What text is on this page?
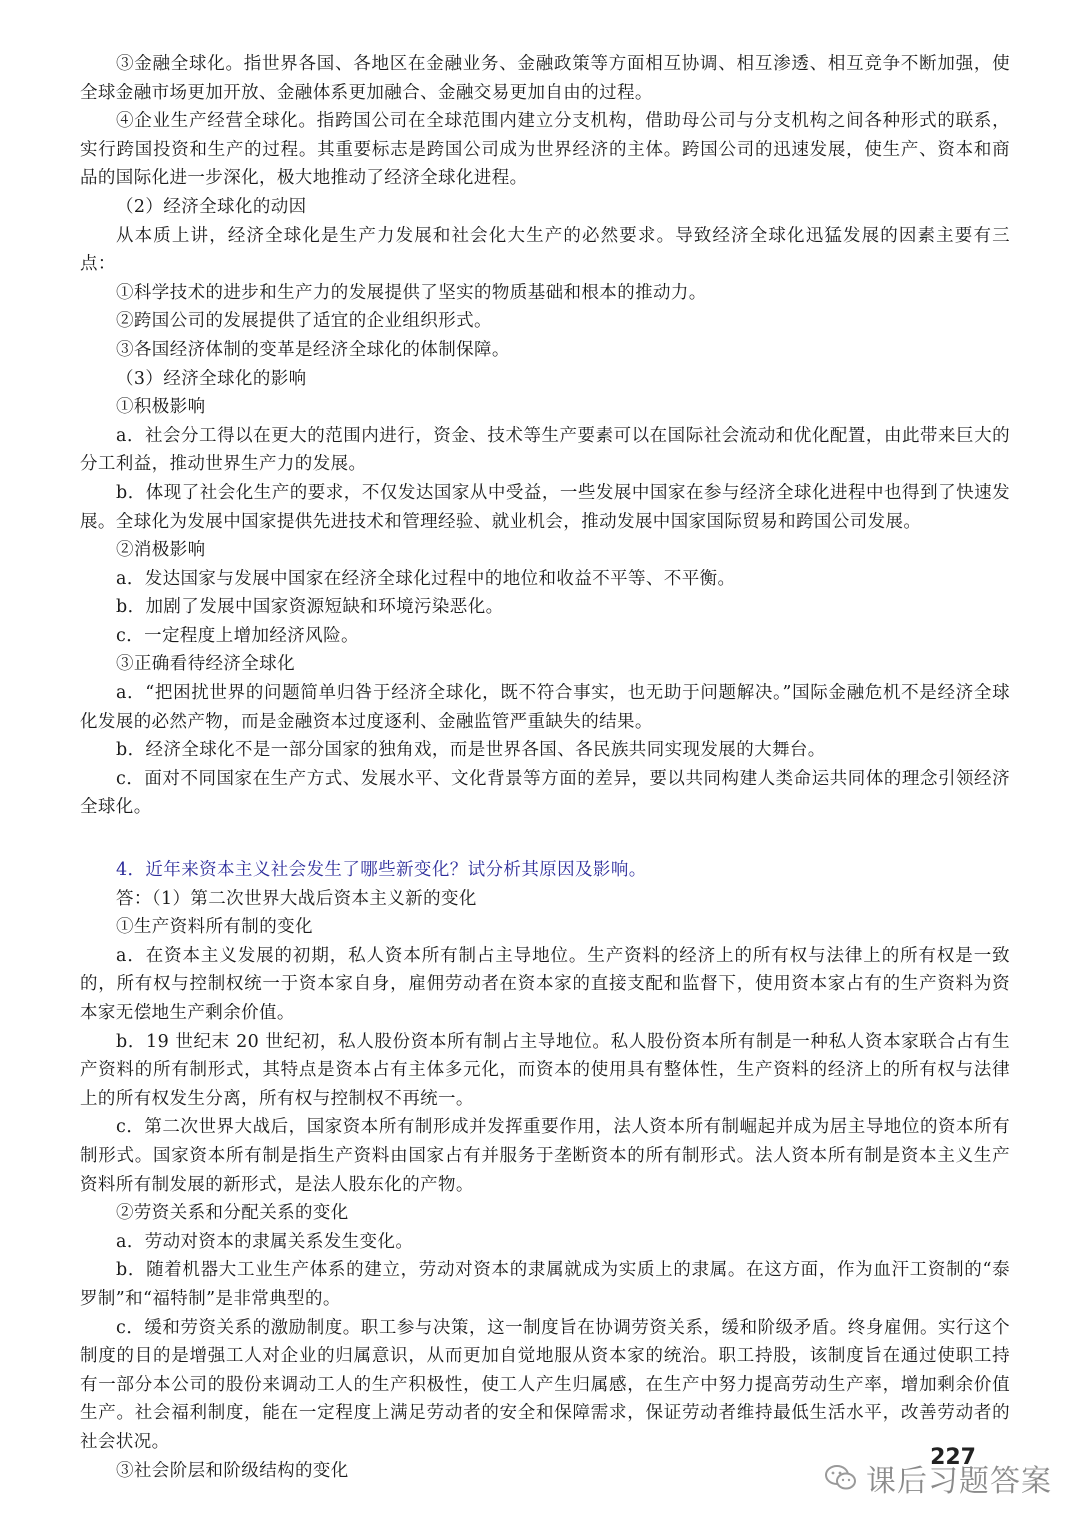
③金融全球化。指世界各国、各地区在金融业务、金融政策等方面相互协调、相互渗透、相互竞争不断加强，使全球金融市场更加开放、金融体系更加融合、金融交易更加自由的过程。

④企业生产经营全球化。指跨国公司在全球范围内建立分支机构，借助母公司与分支机构之间各种形式的联系，实行跨国投资和生产的过程。其重要标志是跨国公司成为世界经济的主体。跨国公司的迅速发展，使生产、资本和商品的国际化进一步深化，极大地推动了经济全球化进程。

（2）经济全球化的动因

从本质上讲，经济全球化是生产力发展和社会化大生产的必然要求。导致经济全球化迅猛发展的因素主要有三点：

①科学技术的进步和生产力的发展提供了坚实的物质基础和根本的推动力。

②跨国公司的发展提供了适宜的企业组织形式。

③各国经济体制的变革是经济全球化的体制保障。

（3）经济全球化的影响

①积极影响

a．社会分工得以在更大的范围内进行，资金、技术等生产要素可以在国际社会流动和优化配置，由此带来巨大的分工利益，推动世界生产力的发展。

b．体现了社会化生产的要求，不仅发达国家从中受益，一些发展中国家在参与经济全球化进程中也得到了快速发展。全球化为发展中国家提供先进技术和管理经验、就业机会，推动发展中国家国际贸易和跨国公司发展。

②消极影响

a．发达国家与发展中国家在经济全球化过程中的地位和收益不平等、不平衡。

b．加剧了发展中国家资源短缺和环境污染恶化。

c．一定程度上增加经济风险。

③正确看待经济全球化

a．“把困扰世界的问题简单归咎于经济全球化，既不符合事实，也无助于问题解决。”国际金融危机不是经济全球化发展的必然产物，而是金融资本过度逐利、金融监管严重缺失的结果。

b．经济全球化不是一部分国家的独角戏，而是世界各国、各民族共同实现发展的大舞台。

c．面对不同国家在生产方式、发展水平、文化背景等方面的差异，要以共同构建人类命运共同体的理念引领经济全球化。

4．近年来资本主义社会发生了哪些新变化？试分析其原因及影响。

答：（1）第二次世界大战后资本主义新的变化

①生产资料所有制的变化

a．在资本主义发展的初期，私人资本所有制占主导地位。生产资料的经济上的所有权与法律上的所有权是一致的，所有权与控制权统一于资本家自身，雇佣劳动者在资本家的直接支配和监督下，使用资本家占有的生产资料为资本家无偿地生产剩余价值。

b．19 世纪末 20 世纪初，私人股份资本所有制占主导地位。私人股份资本所有制是一种私人资本家联合占有生产资料的所有制形式，其特点是资本占有主体多元化，而资本的使用具有整体性，生产资料的经济上的所有权与法律上的所有权发生分离，所有权与控制权不再统一。

c．第二次世界大战后，国家资本所有制形成并发挥重要作用，法人资本所有制崛起并成为居主导地位的资本所有制形式。国家资本所有制是指生产资料由国家占有并服务于垄断资本的所有制形式。法人资本所有制是资本主义生产资料所有制发展的新形式，是法人股东化的产物。

②劳资关系和分配关系的变化

a．劳动对资本的隶属关系发生变化。

b．随着机器大工业生产体系的建立，劳动对资本的隶属就成为实质上的隶属。在这方面，作为血汗工资制的“泰罗制”和“福特制”是非常典型的。

c．缓和劳资关系的激励制度。职工参与决策，这一制度旨在协调劳资关系，缓和阶级矛盾。终身雇佣。实行这个制度的目的是增强工人对企业的归属意识，从而更加自觉地服从资本家的统治。职工持股，该制度旨在通过使职工持有一部分本公司的股份来调动工人的生产积极性，使工人产生归属感，在生产中努力提高劳动生产率，增加剩余价值生产。社会福利制度，能在一定程度上满足劳动者的安全和保障需求，保证劳动者维持最低生活水平，改善劳动者的社会状况。

③社会阶层和阶级结构的变化

227
课后习题答案
